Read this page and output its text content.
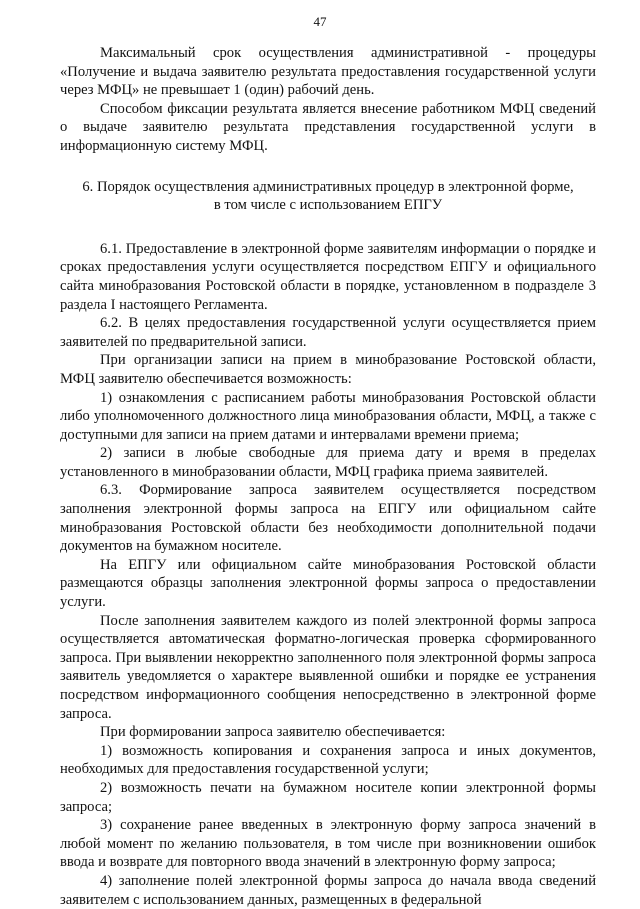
47

Максимальный срок осуществления административной - процедуры «Получение и выдача заявителю результата предоставления государственной услуги через МФЦ» не превышает 1 (один) рабочий день.

Способом фиксации результата является внесение работником МФЦ сведений о выдаче заявителю результата представления государственной услуги в информационную систему МФЦ.

6. Порядок осуществления административных процедур в электронной форме,
в том числе с использованием ЕПГУ

6.1. Предоставление в электронной форме заявителям информации о порядке и сроках предоставления услуги осуществляется посредством ЕПГУ и официального сайта минобразования Ростовской области в порядке, установленном в подразделе 3 раздела I настоящего Регламента.

6.2. В целях предоставления государственной услуги осуществляется прием заявителей по предварительной записи.

При организации записи на прием в минобразование Ростовской области, МФЦ заявителю обеспечивается возможность:

1) ознакомления с расписанием работы минобразования Ростовской области либо уполномоченного должностного лица минобразования области, МФЦ, а также с доступными для записи на прием датами и интервалами времени приема;

2) записи в любые свободные для приема дату и время в пределах установленного в минобразовании области, МФЦ графика приема заявителей.

6.3. Формирование запроса заявителем осуществляется посредством заполнения электронной формы запроса на ЕПГУ или официальном сайте минобразования Ростовской области без необходимости дополнительной подачи документов на бумажном носителе.

На ЕПГУ или официальном сайте минобразования Ростовской области размещаются образцы заполнения электронной формы запроса о предоставлении услуги.

После заполнения заявителем каждого из полей электронной формы запроса осуществляется автоматическая форматно-логическая проверка сформированного запроса. При выявлении некорректно заполненного поля электронной формы запроса заявитель уведомляется о характере выявленной ошибки и порядке ее устранения посредством информационного сообщения непосредственно в электронной форме запроса.

При формировании запроса заявителю обеспечивается:

1) возможность копирования и сохранения запроса и иных документов, необходимых для предоставления государственной услуги;

2) возможность печати на бумажном носителе копии электронной формы запроса;

3) сохранение ранее введенных в электронную форму запроса значений в любой момент по желанию пользователя, в том числе при возникновении ошибок ввода и возврате для повторного ввода значений в электронную форму запроса;

4) заполнение полей электронной формы запроса до начала ввода сведений заявителем с использованием данных, размещенных в федеральной
